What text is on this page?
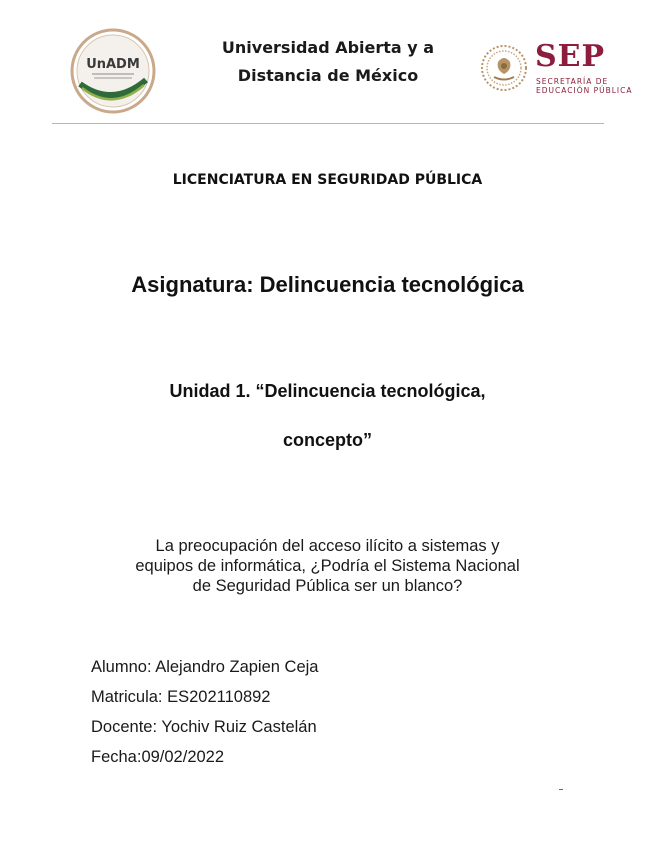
UnADM
Universidad Abierta y a
Distancia de México
SEP
SECRETARÍA DE
EDUCACIÓN PÚBLICA
LICENCIATURA EN SEGURIDAD PÚBLICA
Asignatura: Delincuencia tecnológica
Unidad 1. “Delincuencia tecnológica,
concepto”
La preocupación del acceso ilícito a sistemas y
equipos de informática, ¿Podría el Sistema Nacional
de Seguridad Pública ser un blanco?
Alumno: Alejandro Zapien Ceja
Matricula: ES202110892
Docente: Yochiv Ruiz Castelán
Fecha:09/02/2022
